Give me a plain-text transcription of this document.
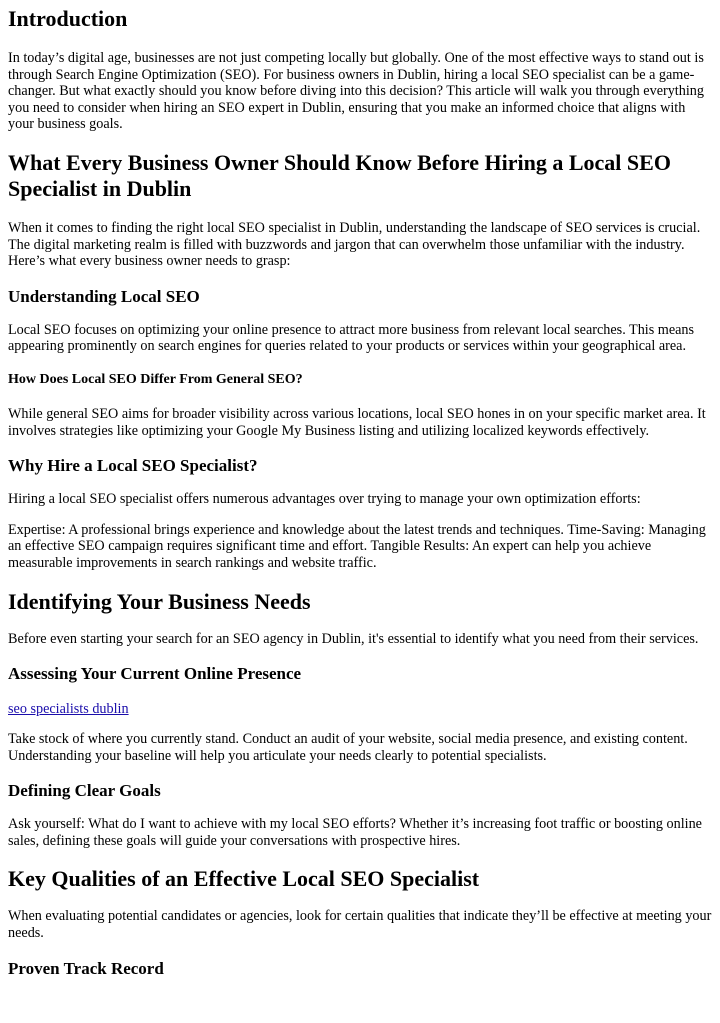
Introduction

In today’s digital age, businesses are not just competing locally but globally. One of the most effective ways to stand out is through Search Engine Optimization (SEO). For business owners in Dublin, hiring a local SEO specialist can be a game-changer. But what exactly should you know before diving into this decision? This article will walk you through everything you need to consider when hiring an SEO expert in Dublin, ensuring that you make an informed choice that aligns with your business goals.

What Every Business Owner Should Know Before Hiring a Local SEO Specialist in Dublin

When it comes to finding the right local SEO specialist in Dublin, understanding the landscape of SEO services is crucial. The digital marketing realm is filled with buzzwords and jargon that can overwhelm those unfamiliar with the industry. Here’s what every business owner needs to grasp:

Understanding Local SEO

Local SEO focuses on optimizing your online presence to attract more business from relevant local searches. This means appearing prominently on search engines for queries related to your products or services within your geographical area.

How Does Local SEO Differ From General SEO?

While general SEO aims for broader visibility across various locations, local SEO hones in on your specific market area. It involves strategies like optimizing your Google My Business listing and utilizing localized keywords effectively.

Why Hire a Local SEO Specialist?

Hiring a local SEO specialist offers numerous advantages over trying to manage your own optimization efforts:

Expertise: A professional brings experience and knowledge about the latest trends and techniques. Time-Saving: Managing an effective SEO campaign requires significant time and effort. Tangible Results: An expert can help you achieve measurable improvements in search rankings and website traffic.

Identifying Your Business Needs

Before even starting your search for an SEO agency in Dublin, it's essential to identify what you need from their services.

Assessing Your Current Online Presence
seo specialists dublin

Take stock of where you currently stand. Conduct an audit of your website, social media presence, and existing content. Understanding your baseline will help you articulate your needs clearly to potential specialists.

Defining Clear Goals

Ask yourself: What do I want to achieve with my local SEO efforts? Whether it’s increasing foot traffic or boosting online sales, defining these goals will guide your conversations with prospective hires.

Key Qualities of an Effective Local SEO Specialist

When evaluating potential candidates or agencies, look for certain qualities that indicate they’ll be effective at meeting your needs.

Proven Track Record
